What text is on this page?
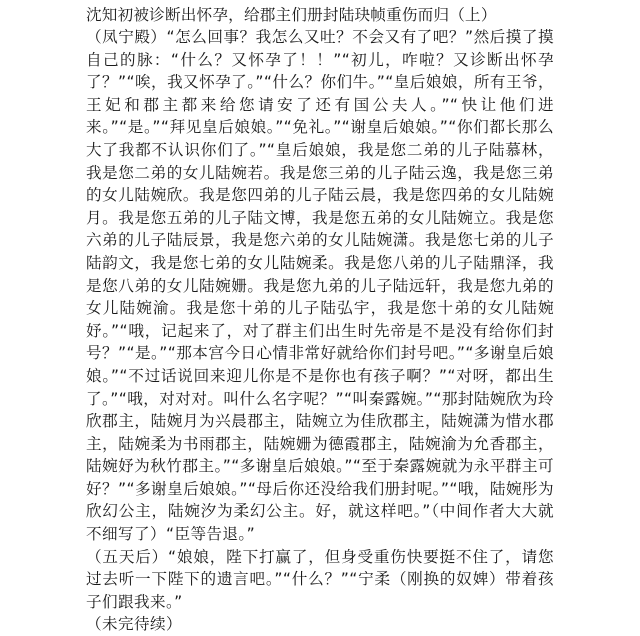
沈知初被诊断出怀孕，给郡主们册封陆玦帧重伤而归（上）

（凤宁殿）“怎么回事？我怎么又吐？不会又有了吧？”然后摸了摸自己的脉：“什么？又怀孕了！！”“初儿，咋啦？又诊断出怀孕了？”“唉，我又怀孕了。”“什么？你们牛。”“皇后娘娘，所有王爷，王妃和郡主都来给您请安了还有国公夫人。”“快让他们进来。”“是。”“拜见皇后娘娘。”“免礼。”“谢皇后娘娘。”“你们都长那么大了我都不认识你们了。”“皇后娘娘，我是您二弟的儿子陆慕林，我是您二弟的女儿陆婉若。我是您三弟的儿子陆云逸，我是您三弟的女儿陆婉欣。我是您四弟的儿子陆云晨，我是您四弟的女儿陆婉月。我是您五弟的儿子陆文博，我是您五弟的女儿陆婉立。我是您六弟的儿子陆辰景，我是您六弟的女儿陆婉潇。我是您七弟的儿子陆韵文，我是您七弟的女儿陆婉柔。我是您八弟的儿子陆鼎泽，我是您八弟的女儿陆婉姗。我是您九弟的儿子陆远轩，我是您九弟的女儿陆婉渝。我是您十弟的儿子陆弘宇，我是您十弟的女儿陆婉妤。”“哦，记起来了，对了群主们出生时先帝是不是没有给你们封号？”“是。”“那本宫今日心情非常好就给你们封号吧。”“多谢皇后娘娘。”“不过话说回来迎儿你是不是你也有孩子啊？”“对呀，都出生了。”“哦，对对对。叫什么名字呢？”“叫秦露婉。”“那封陆婉欣为玲欣郡主，陆婉月为兴晨郡主，陆婉立为佳欣郡主，陆婉潇为惜水郡主，陆婉柔为书雨郡主，陆婉姗为德霞郡主，陆婉渝为允香郡主，陆婉妤为秋竹郡主。”“多谢皇后娘娘。”“至于秦露婉就为永平群主可好？”“多谢皇后娘娘。”“母后你还没给我们册封呢。”“哦，陆婉彤为欣幻公主，陆婉汐为柔幻公主。好，就这样吧。”（中间作者大大就不细写了）“臣等告退。”

（五天后）“娘娘，陛下打赢了，但身受重伤快要挺不住了，请您过去听一下陛下的遗言吧。”“什么？”“宁柔（刚换的奴婢）带着孩子们跟我来。”

（未完待续）
